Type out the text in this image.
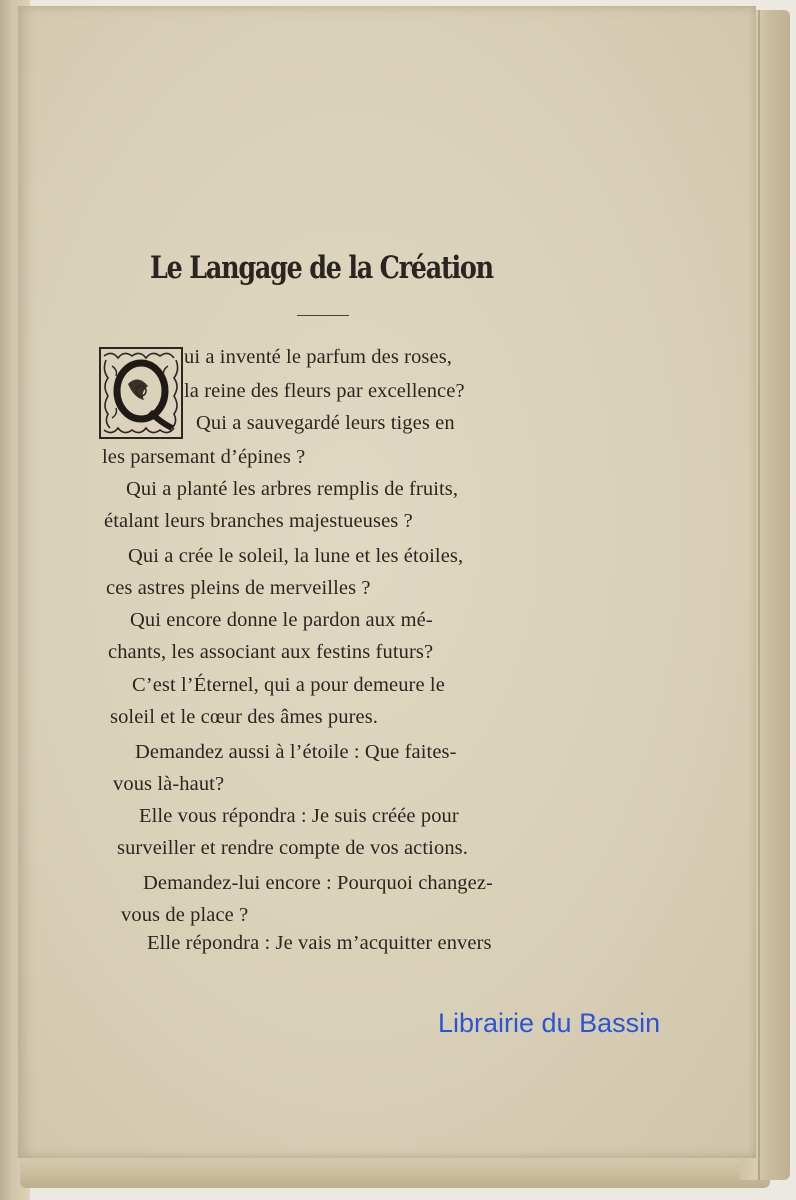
Le Langage de la Création
ui a inventé le parfum des roses,
la reine des fleurs par excellence?
Qui a sauvegardé leurs tiges en
les parsemant d’épines ?
Qui a planté les arbres remplis de fruits,
étalant leurs branches majestueuses ?
Qui a crée le soleil, la lune et les étoiles,
ces astres pleins de merveilles ?
Qui encore donne le pardon aux mé-
chants, les associant aux festins futurs?
C’est l’Éternel, qui a pour demeure le
soleil et le cœur des âmes pures.
Demandez aussi à l’étoile : Que faites-
vous là-haut?
Elle vous répondra : Je suis créée pour
surveiller et rendre compte de vos actions.
Demandez-lui encore : Pourquoi changez-
vous de place ?
Elle répondra : Je vais m’acquitter envers
Librairie du Bassin
